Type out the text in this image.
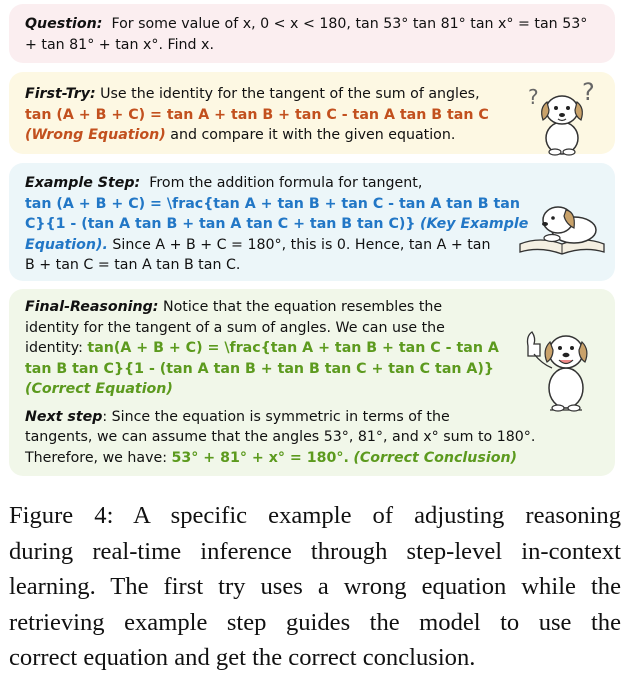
Question: For some value of x, 0 < x < 180, tan 53° tan 81° tan x° = tan 53°
+ tan 81° + tan x°. Find x.
First-Try: Use the identity for the tangent of the sum of angles,
tan (A + B + C) = tan A + tan B + tan C - tan A tan B tan C
(Wrong Equation) and compare it with the given equation.
? ?
Example Step: From the addition formula for tangent,
tan (A + B + C) = \frac{tan A + tan B + tan C - tan A tan B tan
C}{1 - (tan A tan B + tan A tan C + tan B tan C)} (Key Example
Equation). Since A + B + C = 180°, this is 0. Hence, tan A + tan
B + tan C = tan A tan B tan C.
Final-Reasoning: Notice that the equation resembles the
identity for the tangent of a sum of angles. We can use the
identity: tan(A + B + C) = \frac{tan A + tan B + tan C - tan A
tan B tan C}{1 - (tan A tan B + tan B tan C + tan C tan A)}
(Correct Equation)
Next step: Since the equation is symmetric in terms of the
tangents, we can assume that the angles 53°, 81°, and x° sum to 180°.
Therefore, we have: 53° + 81° + x° = 180°. (Correct Conclusion)
Figure 4: A specific example of adjusting reasoning
during real-time inference through step-level in-context
learning. The first try uses a wrong equation while the
retrieving example step guides the model to use the
correct equation and get the correct conclusion.
